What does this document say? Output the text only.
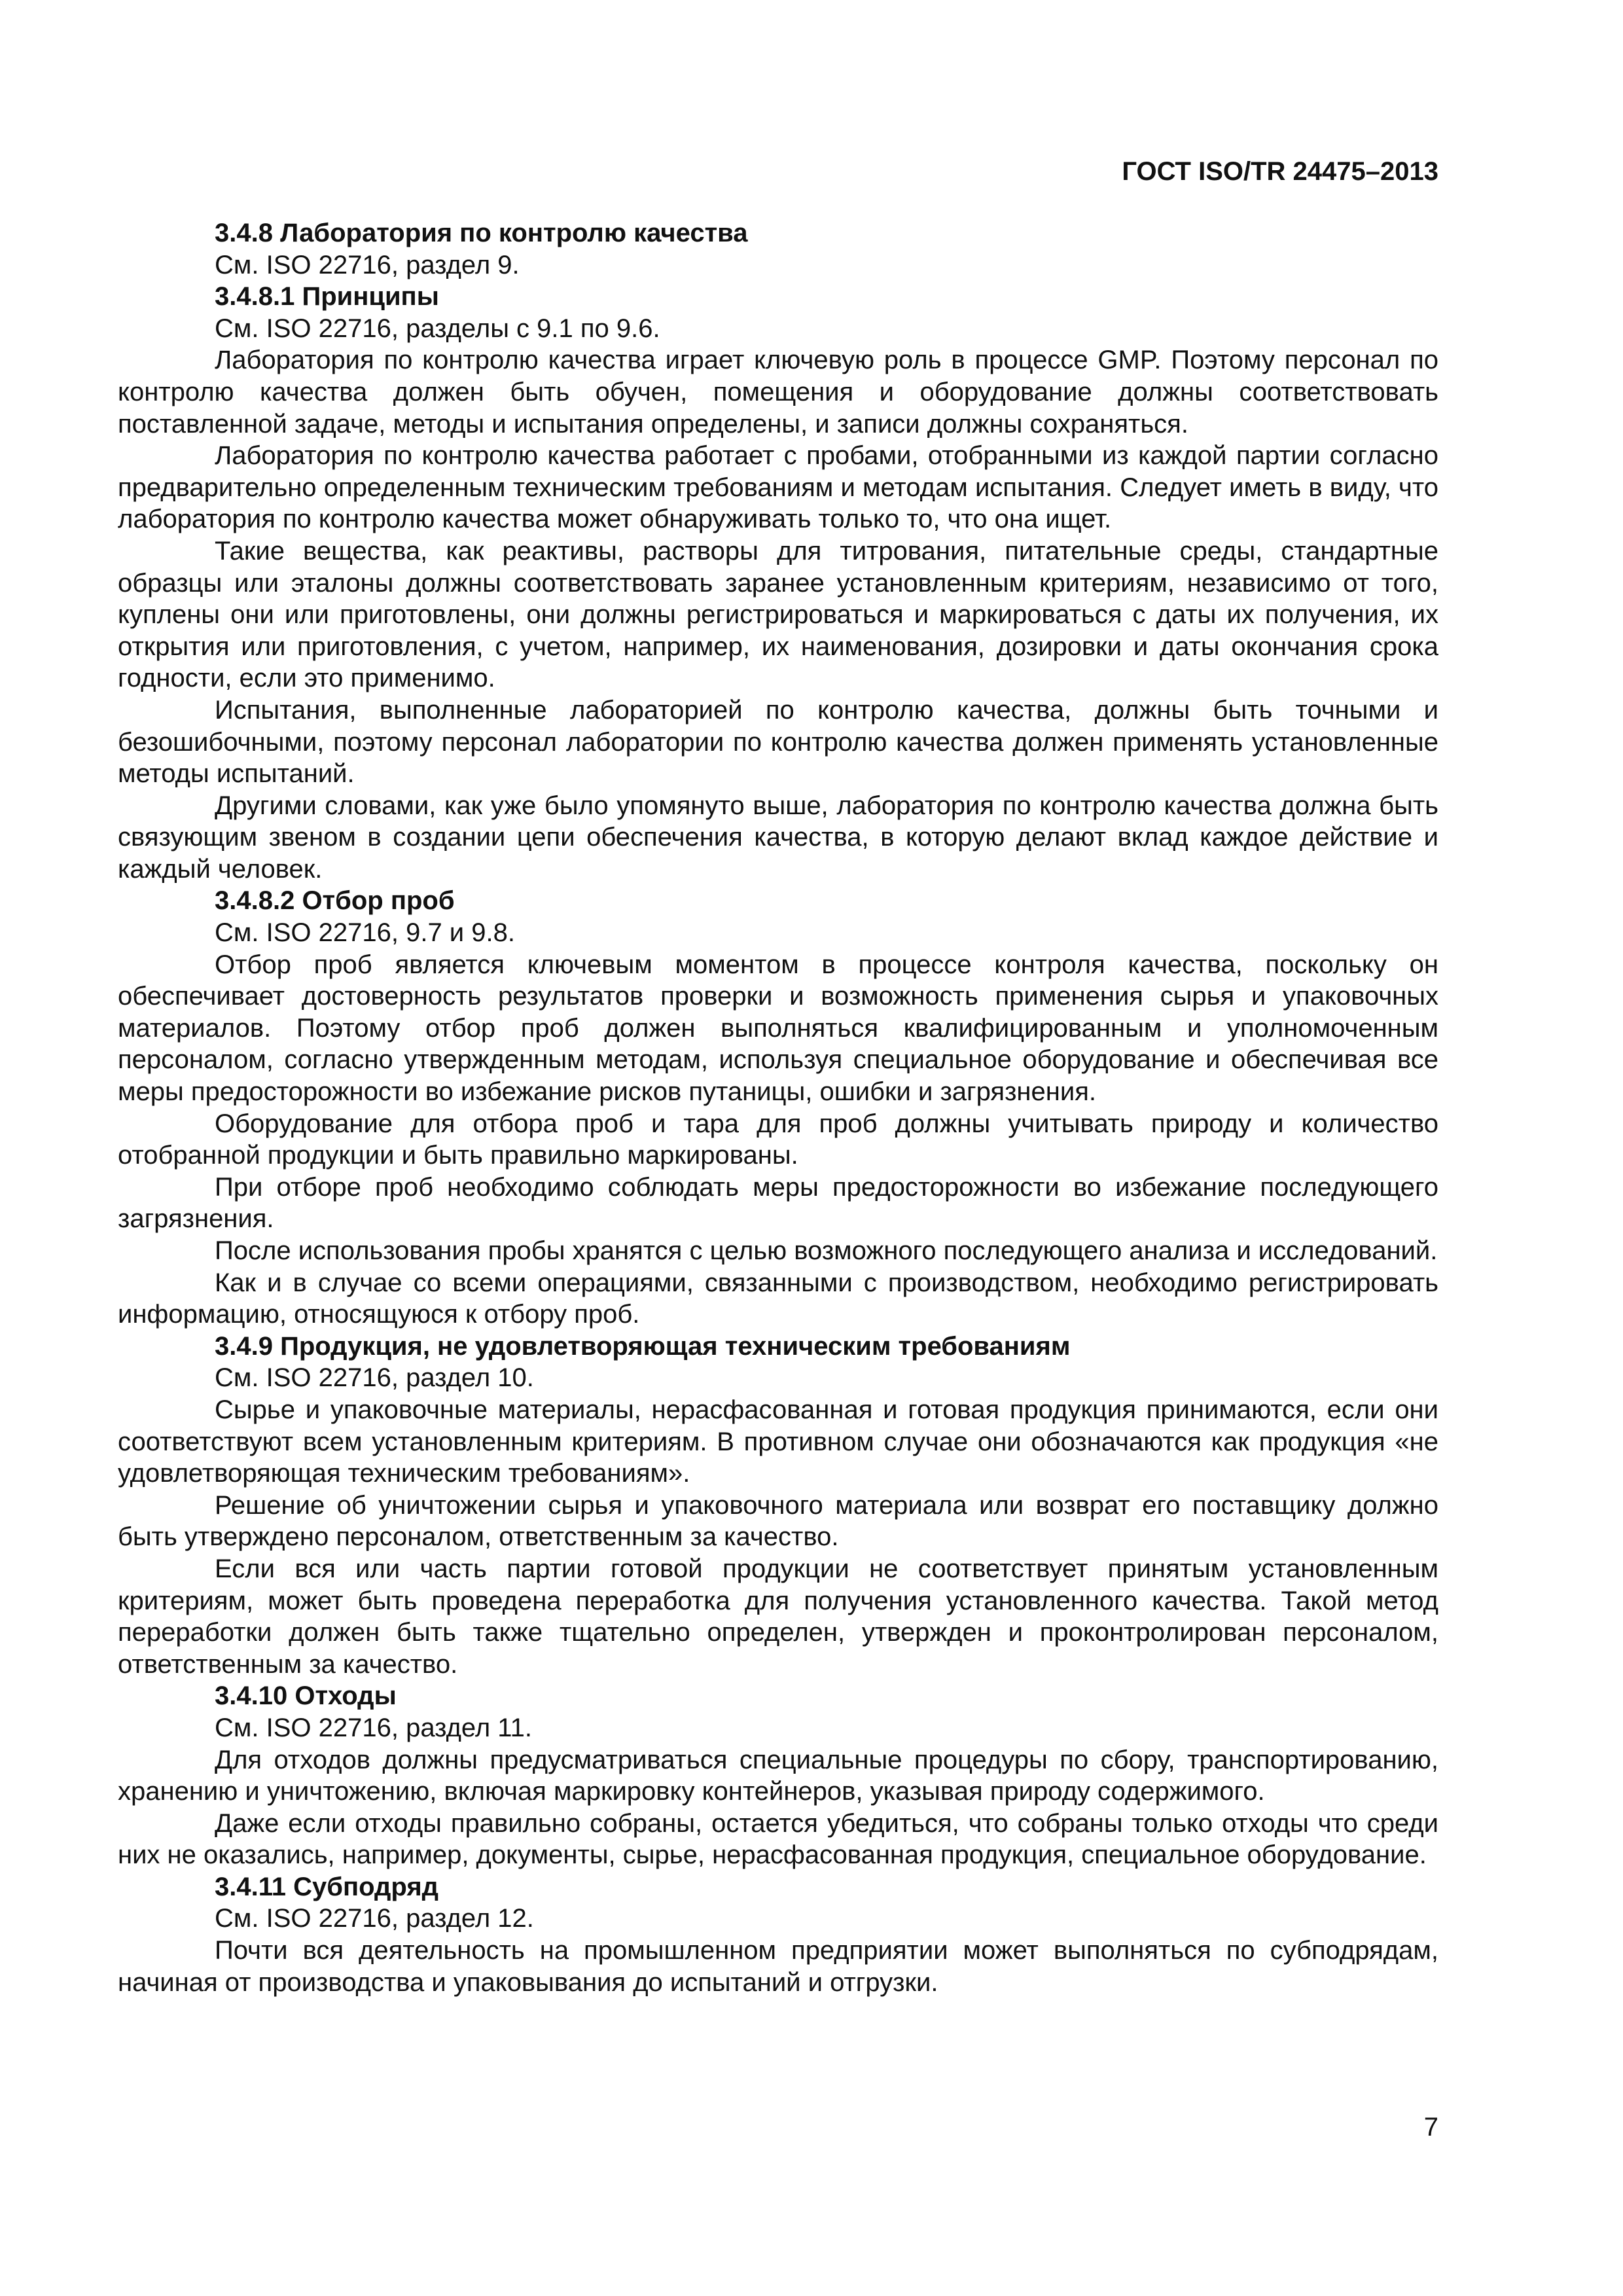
ГОСТ ISO/TR 24475–2013

3.4.8 Лаборатория по контролю качества

См. ISO 22716, раздел 9.

3.4.8.1 Принципы

См. ISO 22716, разделы с 9.1 по 9.6.

Лаборатория по контролю качества играет ключевую роль в процессе GMP. Поэтому персонал по контролю качества должен быть обучен, помещения и оборудование должны соответствовать поставленной задаче, методы и испытания определены, и записи должны сохраняться.

Лаборатория по контролю качества работает с пробами, отобранными из каждой партии согласно предварительно определенным техническим требованиям и методам испытания. Следует иметь в виду, что лаборатория по контролю качества может обнаруживать только то, что она ищет.

Такие вещества, как реактивы, растворы для титрования, питательные среды, стандартные образцы или эталоны должны соответствовать заранее установленным критериям, независимо от того, куплены они или приготовлены, они должны регистрироваться и маркироваться с даты их получения, их открытия или приготовления, с учетом, например, их наименования, дозировки и даты окончания срока годности, если это применимо.

Испытания, выполненные лабораторией по контролю качества, должны быть точными и безошибочными, поэтому персонал лаборатории по контролю качества должен применять установленные методы испытаний.

Другими словами, как уже было упомянуто выше, лаборатория по контролю качества должна быть связующим звеном в создании цепи обеспечения качества, в которую делают вклад каждое действие и каждый человек.

3.4.8.2 Отбор проб

См. ISO 22716, 9.7 и 9.8.

Отбор проб является ключевым моментом в процессе контроля качества, поскольку он обеспечивает достоверность результатов проверки и возможность применения сырья и упаковочных материалов. Поэтому отбор проб должен выполняться квалифицированным и уполномоченным персоналом, согласно утвержденным методам, используя специальное оборудование и обеспечивая все меры предосторожности во избежание рисков путаницы, ошибки и загрязнения.

Оборудование для отбора проб и тара для проб должны учитывать природу и количество отобранной продукции и быть правильно маркированы.

При отборе проб необходимо соблюдать меры предосторожности во избежание последующего загрязнения.

После использования пробы хранятся с целью возможного последующего анализа и исследований.

Как и в случае со всеми операциями, связанными с производством, необходимо регистрировать информацию, относящуюся к отбору проб.

3.4.9 Продукция, не удовлетворяющая техническим требованиям

См. ISO 22716, раздел 10.

Сырье и упаковочные материалы, нерасфасованная и готовая продукция принимаются, если они соответствуют всем установленным критериям. В противном случае они обозначаются как продукция «не удовлетворяющая техническим требованиям».

Решение об уничтожении сырья и упаковочного материала или возврат его поставщику должно быть утверждено персоналом, ответственным за качество.

Если вся или часть партии готовой продукции не соответствует принятым установленным критериям, может быть проведена переработка для получения установленного качества. Такой метод переработки должен быть также тщательно определен, утвержден и проконтролирован персоналом, ответственным за качество.

3.4.10 Отходы

См. ISO 22716, раздел 11.

Для отходов должны предусматриваться специальные процедуры по сбору, транспортированию, хранению и уничтожению, включая маркировку контейнеров, указывая природу содержимого.

Даже если отходы правильно собраны, остается убедиться, что собраны только отходы что среди них не оказались, например, документы, сырье, нерасфасованная продукция, специальное оборудование.

3.4.11 Субподряд

См. ISO 22716, раздел 12.

Почти вся деятельность на промышленном предприятии может выполняться по субподрядам, начиная от производства и упаковывания до испытаний и отгрузки.

7
